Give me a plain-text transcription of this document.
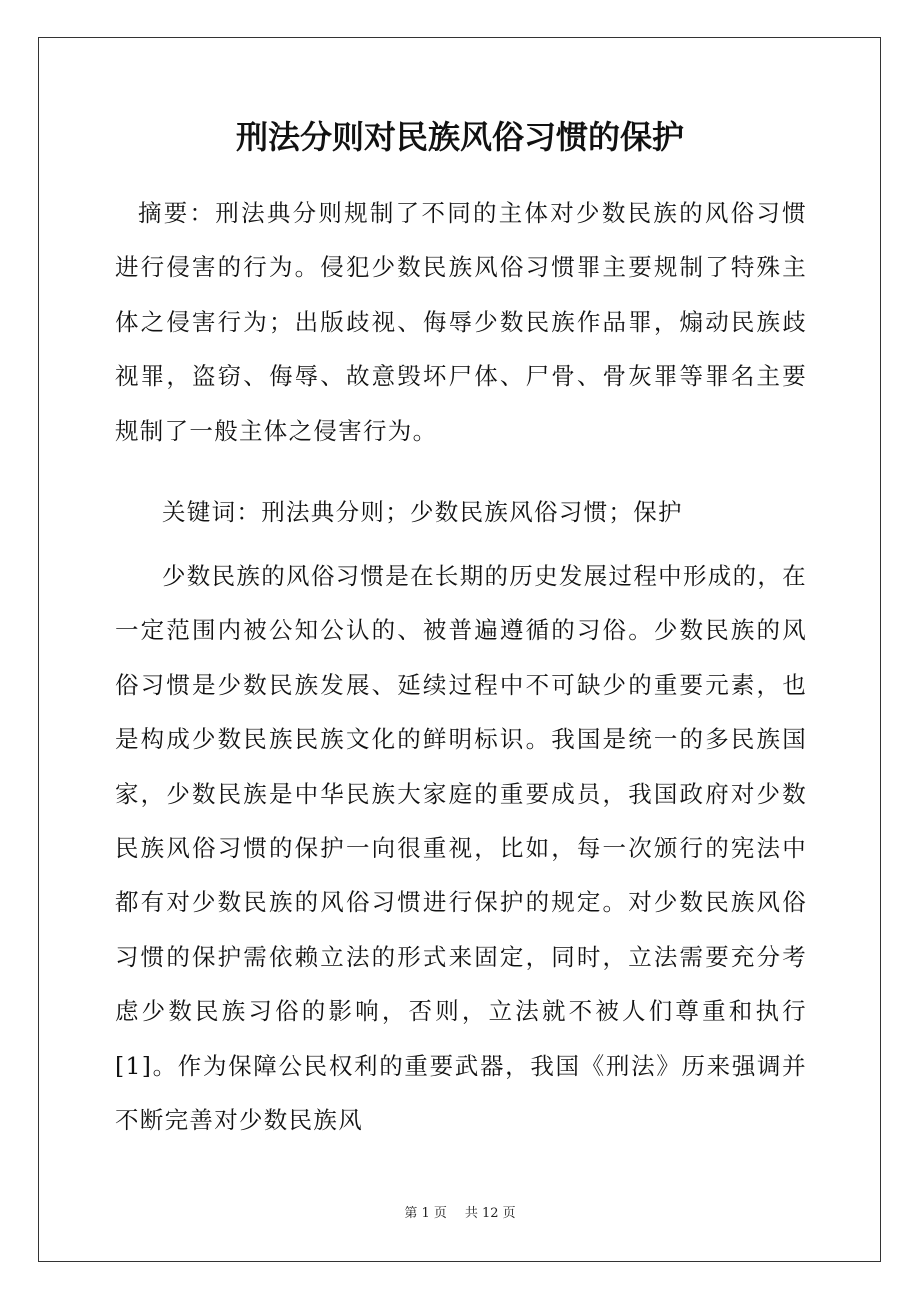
刑法分则对民族风俗习惯的保护

摘要：刑法典分则规制了不同的主体对少数民族的风俗习惯进行侵害的行为。侵犯少数民族风俗习惯罪主要规制了特殊主体之侵害行为；出版歧视、侮辱少数民族作品罪，煽动民族歧视罪，盗窃、侮辱、故意毁坏尸体、尸骨、骨灰罪等罪名主要规制了一般主体之侵害行为。

关键词：刑法典分则；少数民族风俗习惯；保护

少数民族的风俗习惯是在长期的历史发展过程中形成的，在一定范围内被公知公认的、被普遍遵循的习俗。少数民族的风俗习惯是少数民族发展、延续过程中不可缺少的重要元素，也是构成少数民族民族文化的鲜明标识。我国是统一的多民族国家，少数民族是中华民族大家庭的重要成员，我国政府对少数民族风俗习惯的保护一向很重视，比如，每一次颁行的宪法中都有对少数民族的风俗习惯进行保护的规定。对少数民族风俗习惯的保护需依赖立法的形式来固定，同时，立法需要充分考虑少数民族习俗的影响，否则，立法就不被人们尊重和执行[1]。作为保障公民权利的重要武器，我国《刑法》历来强调并不断完善对少数民族风

第 1 页 共 12 页
